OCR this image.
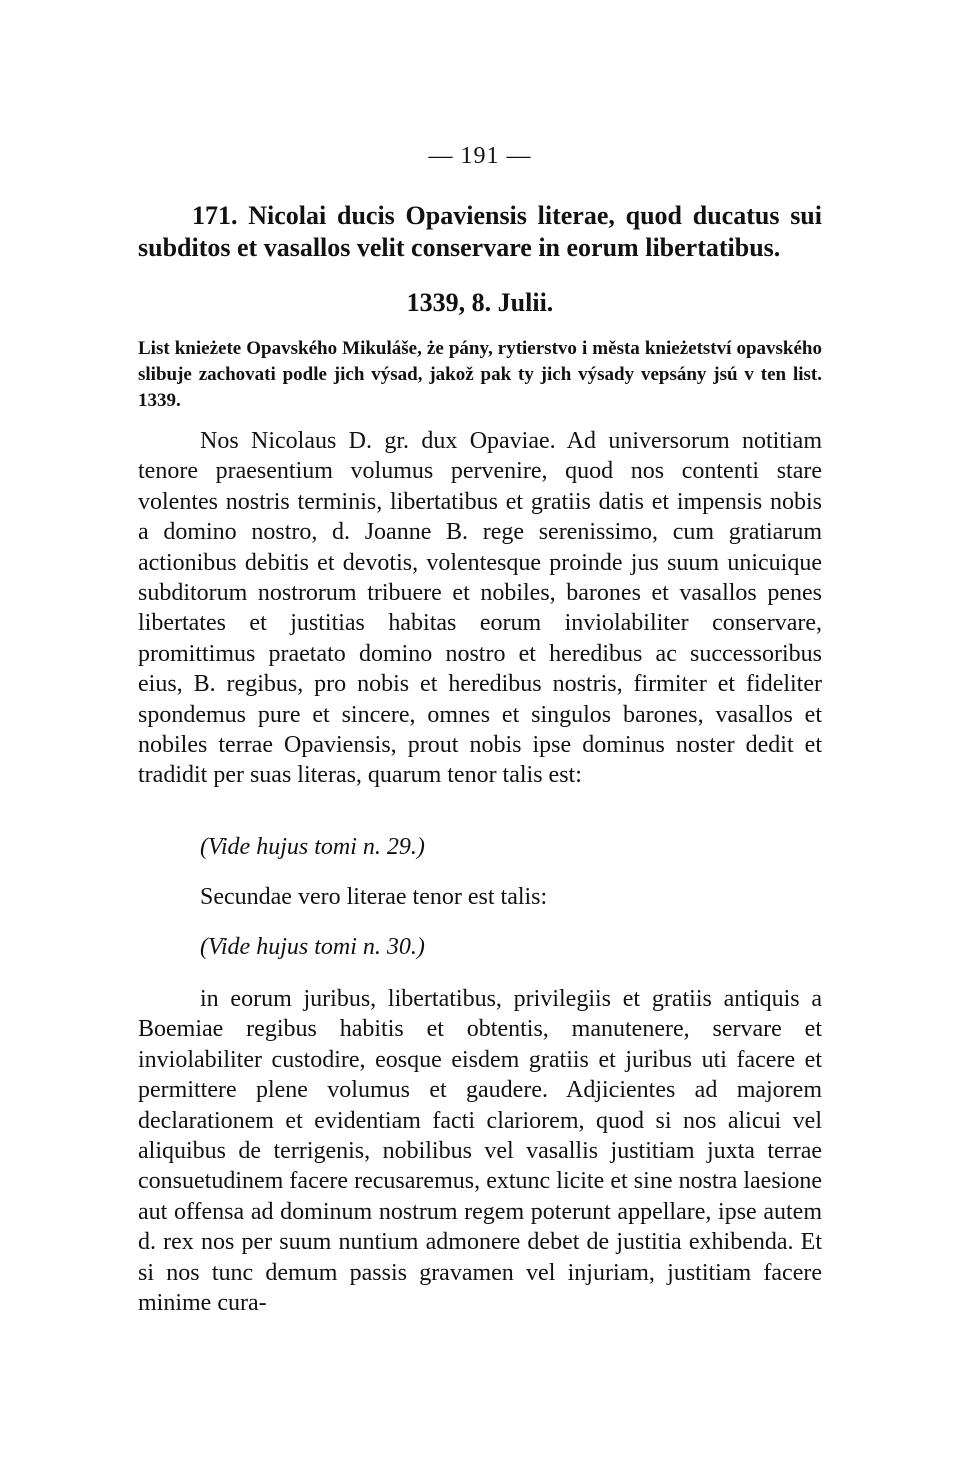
— 191 —
171. Nicolai ducis Opaviensis literae, quod ducatus sui subditos et vasallos velit conservare in eorum libertatibus.
1339, 8. Julii.

List knieżete Opavského Mikuláše, że pány, rytierstvo i města knieżetství opavského slibuje zachovati podle jich výsad, jakož pak ty jich výsady vepsány jsú v ten list. 1339.

Nos Nicolaus D. gr. dux Opaviae. Ad universorum notitiam tenore praesentium volumus pervenire, quod nos contenti stare volentes nostris terminis, libertatibus et gratiis datis et impensis nobis a domino nostro, d. Joanne B. rege serenissimo, cum gratiarum actionibus debitis et devotis, volentesque proinde jus suum unicuique subditorum nostrorum tribuere et nobiles, barones et vasallos penes libertates et justitias habitas eorum inviolabiliter conservare, promittimus praetato domino nostro et heredibus ac successoribus eius, B. regibus, pro nobis et heredibus nostris, firmiter et fideliter spondemus pure et sincere, omnes et singulos barones, vasallos et nobiles terrae Opaviensis, prout nobis ipse dominus noster dedit et tradidit per suas literas, quarum tenor talis est:

(Vide hujus tomi n. 29.)

Secundae vero literae tenor est talis:

(Vide hujus tomi n. 30.)

in eorum juribus, libertatibus, privilegiis et gratiis antiquis a Boemiae regibus habitis et obtentis, manutenere, servare et inviolabiliter custodire, eosque eisdem gratiis et juribus uti facere et permittere plene volumus et gaudere. Adjicientes ad majorem declarationem et evidentiam facti clariorem, quod si nos alicui vel aliquibus de terrigenis, nobilibus vel vasallis justitiam juxta terrae consuetudinem facere recusaremus, extunc licite et sine nostra laesione aut offensa ad dominum nostrum regem poterunt appellare, ipse autem d. rex nos per suum nuntium admonere debet de justitia exhibenda. Et si nos tunc demum passis gravamen vel injuriam, justitiam facere minime cura-
